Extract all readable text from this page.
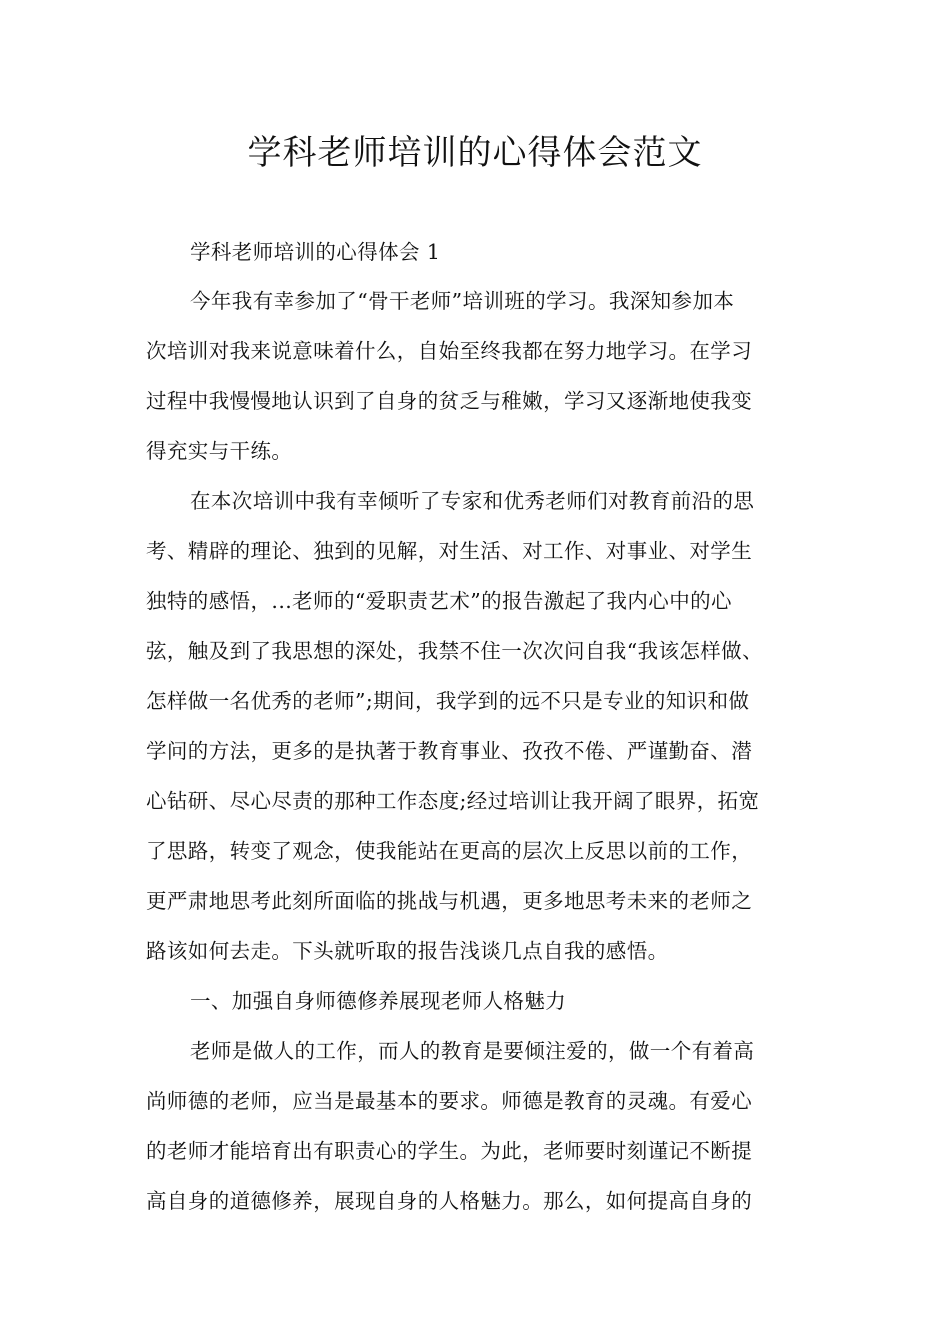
学科老师培训的心得体会范文

学科老师培训的心得体会 1

今年我有幸参加了“骨干老师”培训班的学习。我深知参加本

次培训对我来说意味着什么，自始至终我都在努力地学习。在学习

过程中我慢慢地认识到了自身的贫乏与稚嫩，学习又逐渐地使我变

得充实与干练。

在本次培训中我有幸倾听了专家和优秀老师们对教育前沿的思

考、精辟的理论、独到的见解，对生活、对工作、对事业、对学生

独特的感悟，...老师的“爱职责艺术”的报告激起了我内心中的心

弦，触及到了我思想的深处，我禁不住一次次问自我“我该怎样做、

怎样做一名优秀的老师”;期间，我学到的远不只是专业的知识和做

学问的方法，更多的是执著于教育事业、孜孜不倦、严谨勤奋、潜

心钻研、尽心尽责的那种工作态度;经过培训让我开阔了眼界，拓宽

了思路，转变了观念，使我能站在更高的层次上反思以前的工作，

更严肃地思考此刻所面临的挑战与机遇，更多地思考未来的老师之

路该如何去走。下头就听取的报告浅谈几点自我的感悟。

一、加强自身师德修养展现老师人格魅力

老师是做人的工作，而人的教育是要倾注爱的，做一个有着高

尚师德的老师，应当是最基本的要求。师德是教育的灵魂。有爱心

的老师才能培育出有职责心的学生。为此，老师要时刻谨记不断提

高自身的道德修养，展现自身的人格魅力。那么，如何提高自身的
